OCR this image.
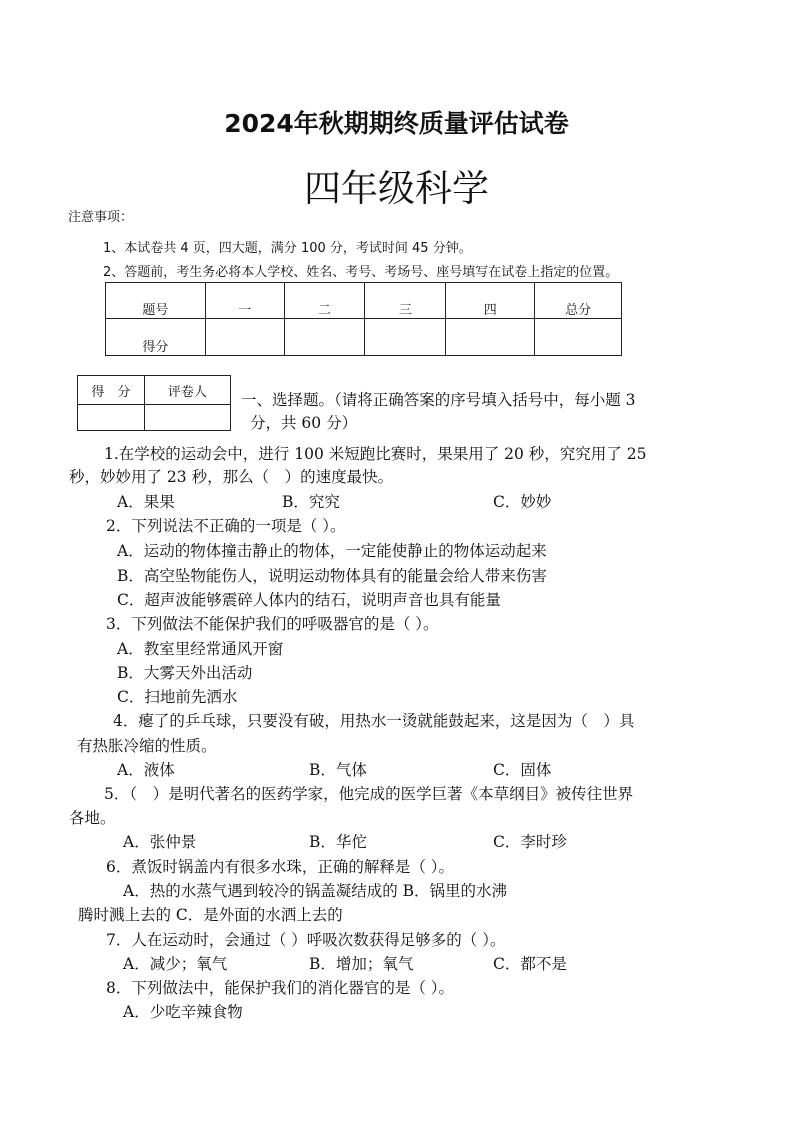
2024年秋期期终质量评估试卷
四年级科学
注意事项：
1、本试卷共 4 页，四大题，满分 100 分，考试时间 45 分钟。
2、答题前，考生务必将本人学校、姓名、考号、考场号、座号填写在试卷上指定的位置。
题号	一	二	三	四	总分
得分					
得　分	评卷人
	一、选择题。（请将正确答案的序号填入括号中，每小题 3
分，共 60 分）
1.在学校的运动会中，进行 100 米短跑比赛时，果果用了 20 秒，究究用了 25
秒，妙妙用了 23 秒，那么（　）的速度最快。
A．果果	B．究究	C．妙妙
2．下列说法不正确的一项是（ ）。
A．运动的物体撞击静止的物体，一定能使静止的物体运动起来
B．高空坠物能伤人，说明运动物体具有的能量会给人带来伤害
C．超声波能够震碎人体内的结石，说明声音也具有能量
3．下列做法不能保护我们的呼吸器官的是（ ）。
A．教室里经常通风开窗
B．大雾天外出活动
C．扫地前先洒水
4．瘪了的乒乓球，只要没有破，用热水一烫就能鼓起来，这是因为（　）具
有热胀冷缩的性质。
A．液体	B．气体	C．固体
5．（　）是明代著名的医药学家，他完成的医学巨著《本草纲目》被传往世界
各地。
A．张仲景	B．华佗	C．李时珍
6．煮饭时锅盖内有很多水珠，正确的解释是（ ）。
A．热的水蒸气遇到较冷的锅盖凝结成的 B．锅里的水沸
腾时溅上去的 C．是外面的水洒上去的
7．人在运动时，会通过（ ）呼吸次数获得足够多的（ ）。
A．减少；氧气	B．增加；氧气	C．都不是
8．下列做法中，能保护我们的消化器官的是（ ）。
A．少吃辛辣食物
